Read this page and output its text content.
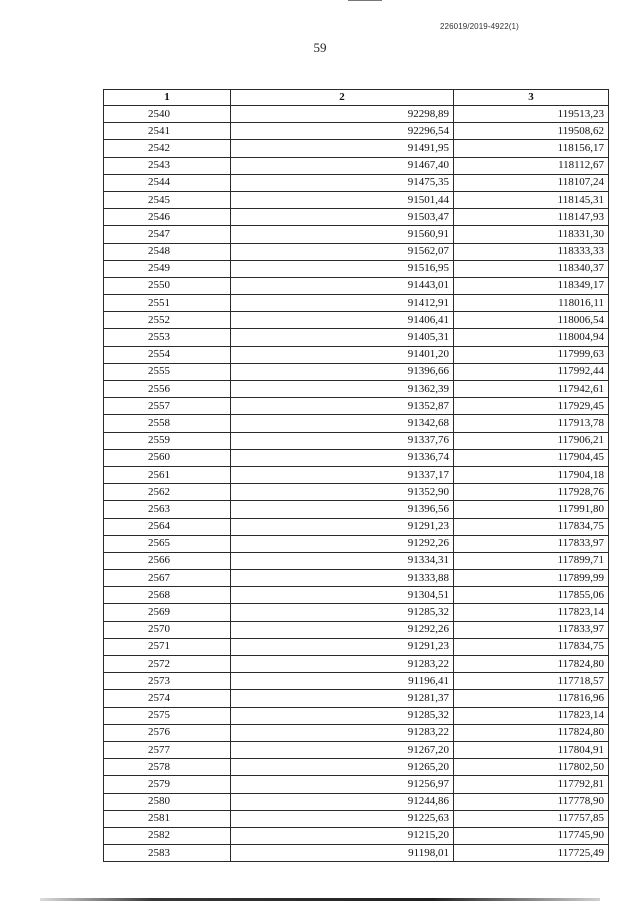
226019/2019-4922(1)
59
1	2	3
2540	92298,89	119513,23
2541	92296,54	119508,62
2542	91491,95	118156,17
2543	91467,40	118112,67
2544	91475,35	118107,24
2545	91501,44	118145,31
2546	91503,47	118147,93
2547	91560,91	118331,30
2548	91562,07	118333,33
2549	91516,95	118340,37
2550	91443,01	118349,17
2551	91412,91	118016,11
2552	91406,41	118006,54
2553	91405,31	118004,94
2554	91401,20	117999,63
2555	91396,66	117992,44
2556	91362,39	117942,61
2557	91352,87	117929,45
2558	91342,68	117913,78
2559	91337,76	117906,21
2560	91336,74	117904,45
2561	91337,17	117904,18
2562	91352,90	117928,76
2563	91396,56	117991,80
2564	91291,23	117834,75
2565	91292,26	117833,97
2566	91334,31	117899,71
2567	91333,88	117899,99
2568	91304,51	117855,06
2569	91285,32	117823,14
2570	91292,26	117833,97
2571	91291,23	117834,75
2572	91283,22	117824,80
2573	91196,41	117718,57
2574	91281,37	117816,96
2575	91285,32	117823,14
2576	91283,22	117824,80
2577	91267,20	117804,91
2578	91265,20	117802,50
2579	91256,97	117792,81
2580	91244,86	117778,90
2581	91225,63	117757,85
2582	91215,20	117745,90
2583	91198,01	117725,49
